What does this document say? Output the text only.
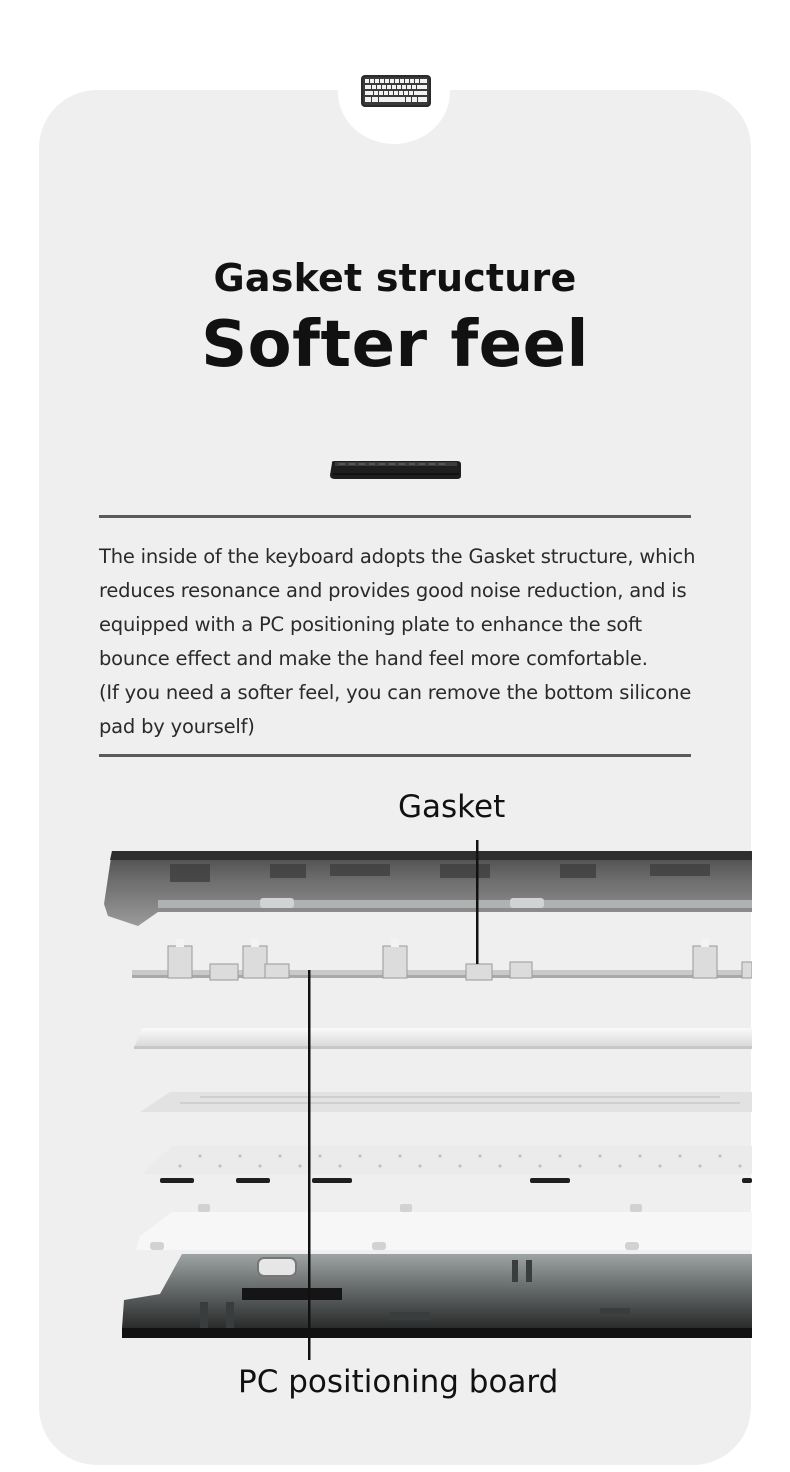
Gasket structure
Softer feel

The inside of the keyboard adopts the Gasket structure, which reduces resonance and provides good noise reduction, and is equipped with a PC positioning plate to enhance the soft bounce effect and make the hand feel more comfortable.

(If you need a softer feel, you can remove the bottom silicone pad by yourself)

Gasket
PC positioning board
